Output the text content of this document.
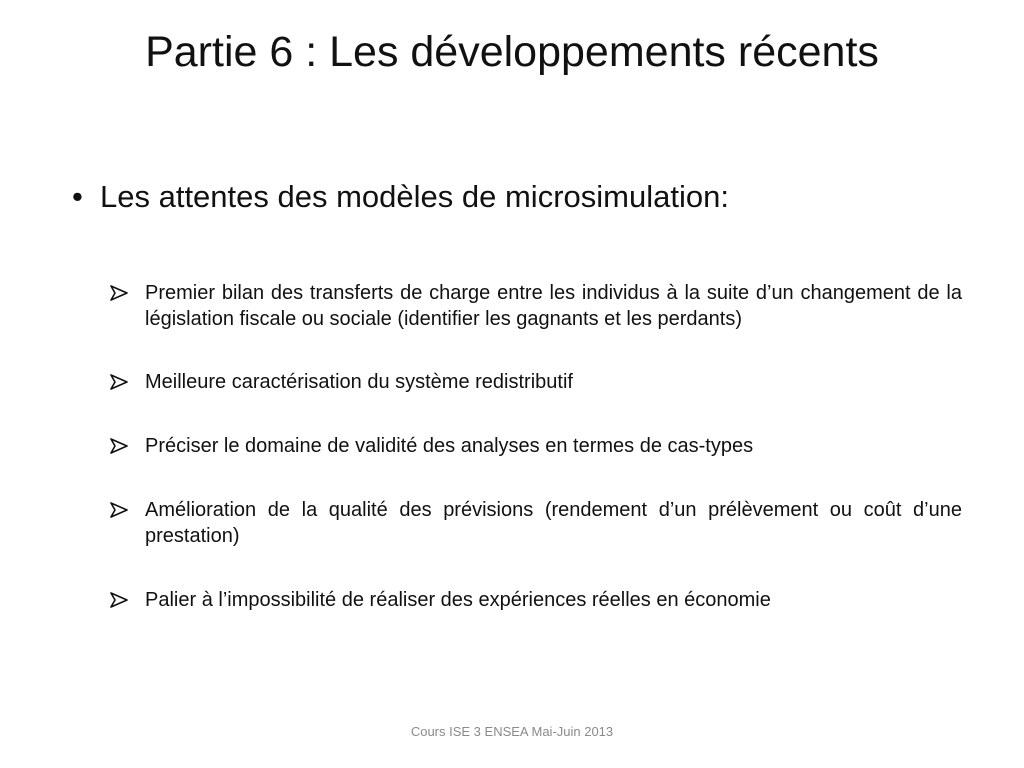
Partie 6 : Les développements récents
• Les attentes des modèles de microsimulation:
Premier bilan des transferts de charge entre les individus à la suite d’un changement de la législation fiscale ou sociale (identifier les gagnants et les perdants)
Meilleure caractérisation du système redistributif
Préciser le domaine de validité des analyses en termes de cas-types
Amélioration de la qualité des prévisions (rendement d’un prélèvement ou coût d’une prestation)
Palier à l’impossibilité de réaliser des expériences réelles en économie
Cours ISE 3 ENSEA Mai-Juin 2013
